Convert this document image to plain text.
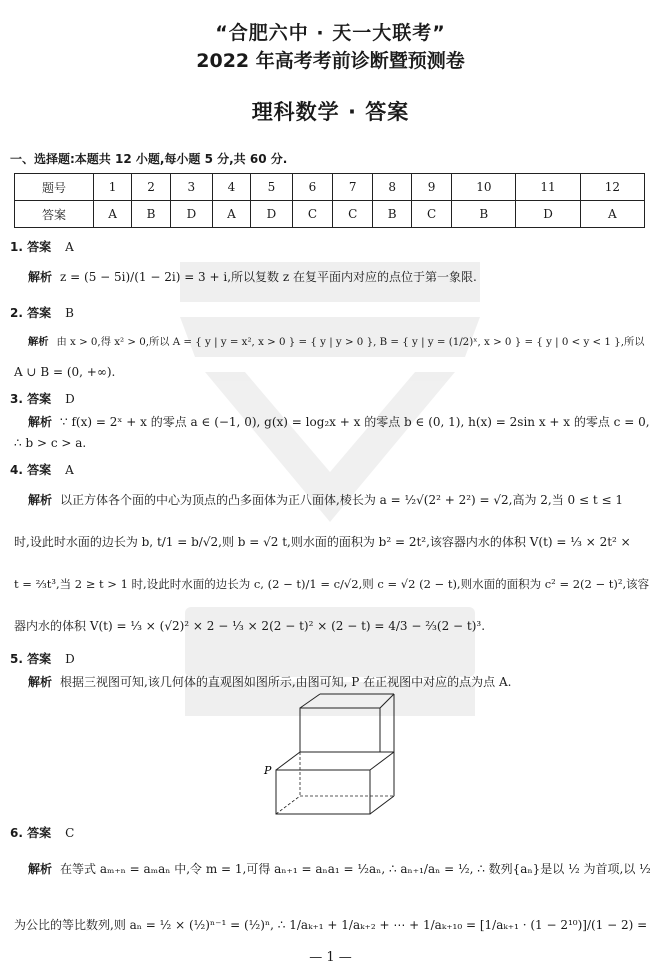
“合肥六中 · 天一大联考”
2022 年高考考前诊断暨预测卷
理科数学 · 答案
一、选择题:本题共 12 小题,每小题 5 分,共 60 分.
题号	1	2	3	4	5	6	7	8	9	10	11	12
答案	A	B	D	A	D	C	C	B	C	B	D	A
1. 答案 A
解析 z = (5 − 5i)/(1 − 2i) = 3 + i,所以复数 z 在复平面内对应的点位于第一象限.
2. 答案 B
解析 由 x > 0,得 x² > 0,所以 A = { y | y = x², x > 0 } = { y | y > 0 }, B = { y | y = (1/2)ˣ, x > 0 } = { y | 0 < y < 1 },所以
A ∪ B = (0, +∞).
3. 答案 D
解析 ∵ f(x) = 2ˣ + x 的零点 a ∈ (−1, 0), g(x) = log₂x + x 的零点 b ∈ (0, 1), h(x) = 2sin x + x 的零点 c = 0,
∴ b > c > a.
4. 答案 A
解析 以正方体各个面的中心为顶点的凸多面体为正八面体,棱长为 a = ½√(2² + 2²) = √2,高为 2,当 0 ≤ t ≤ 1
时,设此时水面的边长为 b, t/1 = b/√2,则 b = √2 t,则水面的面积为 b² = 2t²,该容器内水的体积 V(t) = ⅓ × 2t² ×
t = ⅔t³,当 2 ≥ t > 1 时,设此时水面的边长为 c, (2 − t)/1 = c/√2,则 c = √2 (2 − t),则水面的面积为 c² = 2(2 − t)²,该容
器内水的体积 V(t) = ⅓ × (√2)² × 2 − ⅓ × 2(2 − t)² × (2 − t) = 4/3 − ⅔(2 − t)³.
5. 答案 D
解析 根据三视图可知,该几何体的直观图如图所示,由图可知, P 在正视图中对应的点为点 A.
P
6. 答案 C
解析 在等式 aₘ₊ₙ = aₘaₙ 中,令 m = 1,可得 aₙ₊₁ = aₙa₁ = ½aₙ, ∴ aₙ₊₁/aₙ = ½, ∴ 数列{aₙ}是以 ½ 为首项,以 ½
为公比的等比数列,则 aₙ = ½ × (½)ⁿ⁻¹ = (½)ⁿ, ∴ 1/aₖ₊₁ + 1/aₖ₊₂ + ⋯ + 1/aₖ₊₁₀ = [1/aₖ₊₁ · (1 − 2¹⁰)]/(1 − 2) =
— 1 —
